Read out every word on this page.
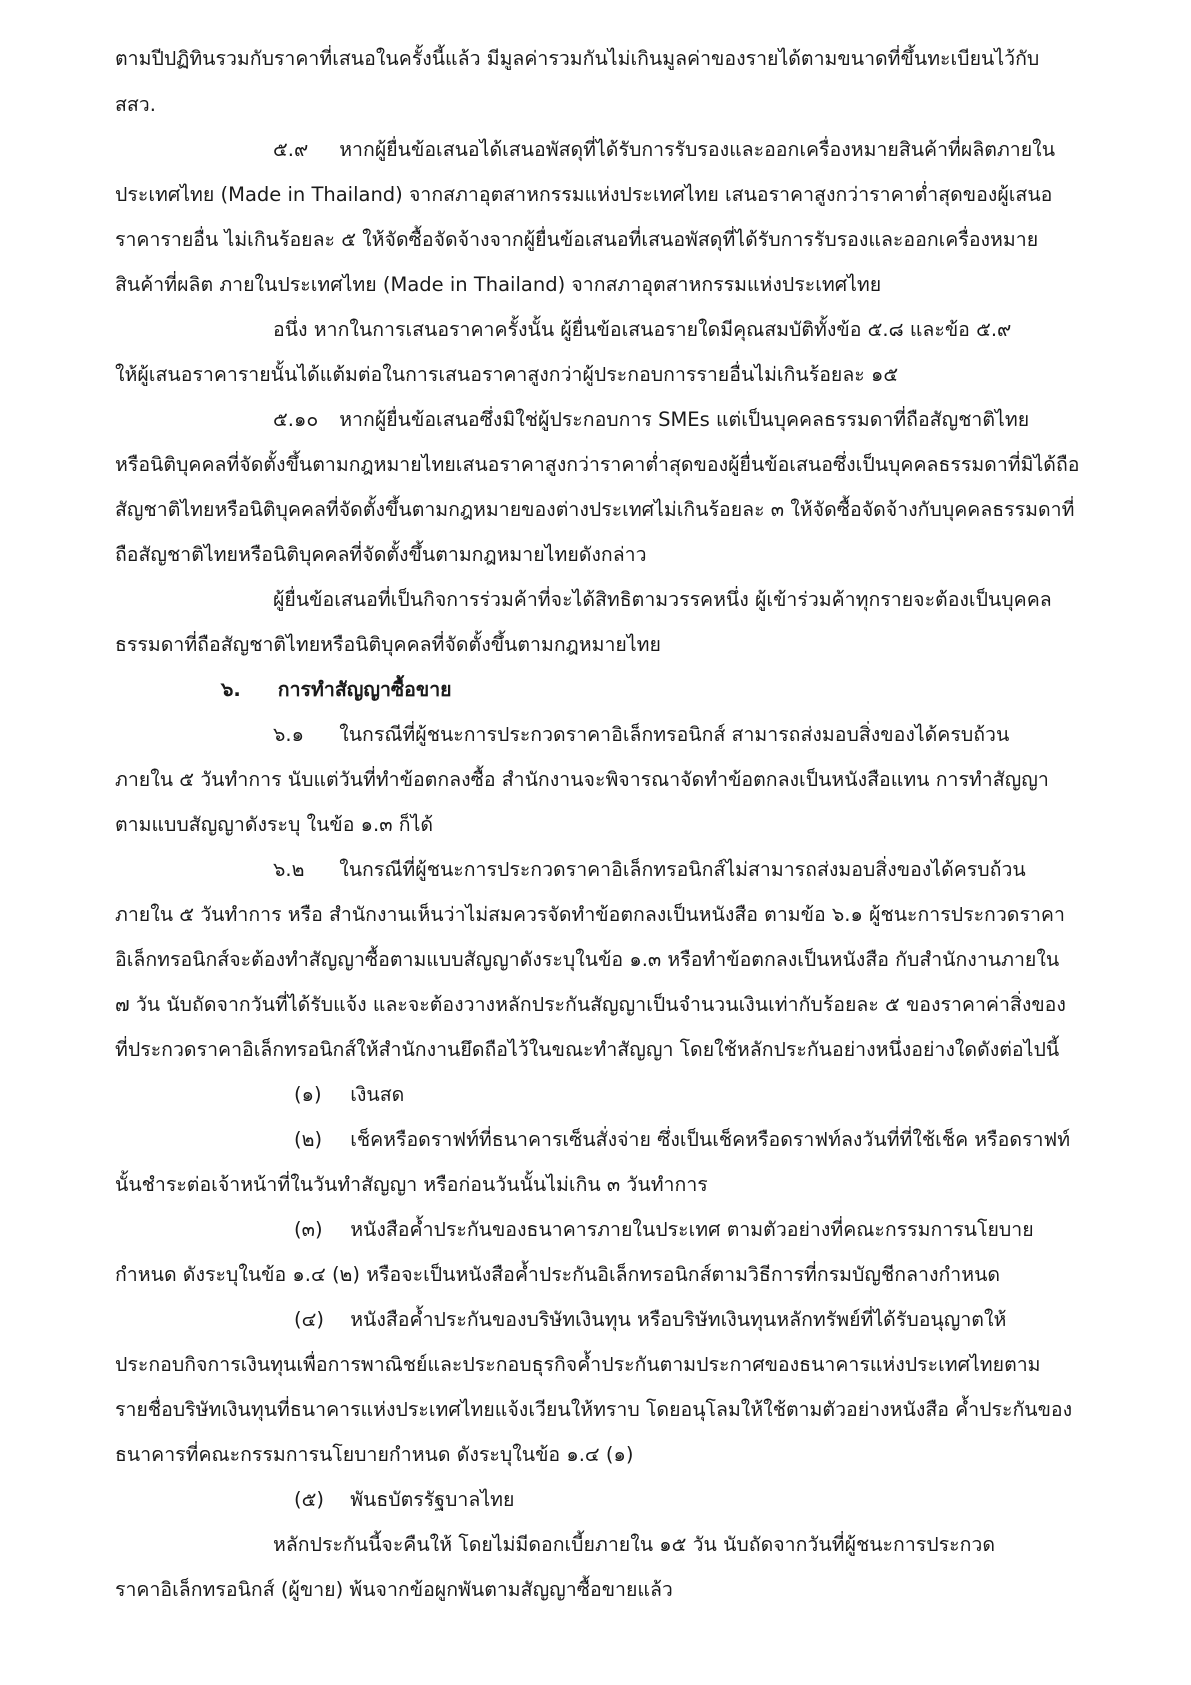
ตามปีปฏิทินรวมกับราคาที่เสนอในครั้งนี้แล้ว มีมูลค่ารวมกันไม่เกินมูลค่าของรายได้ตามขนาดที่ขึ้นทะเบียนไว้กับ
สสว.
๕.๙ หากผู้ยื่นข้อเสนอได้เสนอพัสดุที่ได้รับการรับรองและออกเครื่องหมายสินค้าที่ผลิตภายใน
ประเทศไทย (Made in Thailand) จากสภาอุตสาหกรรมแห่งประเทศไทย เสนอราคาสูงกว่าราคาต่ำสุดของผู้เสนอ
ราคารายอื่น ไม่เกินร้อยละ ๕ ให้จัดซื้อจัดจ้างจากผู้ยื่นข้อเสนอที่เสนอพัสดุที่ได้รับการรับรองและออกเครื่องหมาย
สินค้าที่ผลิต ภายในประเทศไทย (Made in Thailand) จากสภาอุตสาหกรรมแห่งประเทศไทย
อนึ่ง หากในการเสนอราคาครั้งนั้น ผู้ยื่นข้อเสนอรายใดมีคุณสมบัติทั้งข้อ ๕.๘ และข้อ ๕.๙
ให้ผู้เสนอราคารายนั้นได้แต้มต่อในการเสนอราคาสูงกว่าผู้ประกอบการรายอื่นไม่เกินร้อยละ ๑๕
๕.๑๐ หากผู้ยื่นข้อเสนอซึ่งมิใช่ผู้ประกอบการ SMEs แต่เป็นบุคคลธรรมดาที่ถือสัญชาติไทย
หรือนิติบุคคลที่จัดตั้งขึ้นตามกฎหมายไทยเสนอราคาสูงกว่าราคาต่ำสุดของผู้ยื่นข้อเสนอซึ่งเป็นบุคคลธรรมดาที่มิได้ถือ
สัญชาติไทยหรือนิติบุคคลที่จัดตั้งขึ้นตามกฎหมายของต่างประเทศไม่เกินร้อยละ ๓ ให้จัดซื้อจัดจ้างกับบุคคลธรรมดาที่
ถือสัญชาติไทยหรือนิติบุคคลที่จัดตั้งขึ้นตามกฎหมายไทยดังกล่าว
ผู้ยื่นข้อเสนอที่เป็นกิจการร่วมค้าที่จะได้สิทธิตามวรรคหนึ่ง ผู้เข้าร่วมค้าทุกรายจะต้องเป็นบุคคล
ธรรมดาที่ถือสัญชาติไทยหรือนิติบุคคลที่จัดตั้งขึ้นตามกฎหมายไทย
๖. การทำสัญญาซื้อขาย
๖.๑ ในกรณีที่ผู้ชนะการประกวดราคาอิเล็กทรอนิกส์ สามารถส่งมอบสิ่งของได้ครบถ้วน
ภายใน ๕ วันทำการ นับแต่วันที่ทำข้อตกลงซื้อ สำนักงานจะพิจารณาจัดทำข้อตกลงเป็นหนังสือแทน การทำสัญญา
ตามแบบสัญญาดังระบุ ในข้อ ๑.๓ ก็ได้
๖.๒ ในกรณีที่ผู้ชนะการประกวดราคาอิเล็กทรอนิกส์ไม่สามารถส่งมอบสิ่งของได้ครบถ้วน
ภายใน ๕ วันทำการ หรือ สำนักงานเห็นว่าไม่สมควรจัดทำข้อตกลงเป็นหนังสือ ตามข้อ ๖.๑ ผู้ชนะการประกวดราคา
อิเล็กทรอนิกส์จะต้องทำสัญญาซื้อตามแบบสัญญาดังระบุในข้อ ๑.๓ หรือทำข้อตกลงเป็นหนังสือ กับสำนักงานภายใน
๗ วัน นับถัดจากวันที่ได้รับแจ้ง และจะต้องวางหลักประกันสัญญาเป็นจำนวนเงินเท่ากับร้อยละ ๕ ของราคาค่าสิ่งของ
ที่ประกวดราคาอิเล็กทรอนิกส์ให้สำนักงานยึดถือไว้ในขณะทำสัญญา โดยใช้หลักประกันอย่างหนึ่งอย่างใดดังต่อไปนี้
(๑) เงินสด
(๒) เช็คหรือดราฟท์ที่ธนาคารเซ็นสั่งจ่าย ซึ่งเป็นเช็คหรือดราฟท์ลงวันที่ที่ใช้เช็ค หรือดราฟท์
นั้นชำระต่อเจ้าหน้าที่ในวันทำสัญญา หรือก่อนวันนั้นไม่เกิน ๓ วันทำการ
(๓) หนังสือค้ำประกันของธนาคารภายในประเทศ ตามตัวอย่างที่คณะกรรมการนโยบาย
กำหนด ดังระบุในข้อ ๑.๔ (๒) หรือจะเป็นหนังสือค้ำประกันอิเล็กทรอนิกส์ตามวิธีการที่กรมบัญชีกลางกำหนด
(๔) หนังสือค้ำประกันของบริษัทเงินทุน หรือบริษัทเงินทุนหลักทรัพย์ที่ได้รับอนุญาตให้
ประกอบกิจการเงินทุนเพื่อการพาณิชย์และประกอบธุรกิจค้ำประกันตามประกาศของธนาคารแห่งประเทศไทยตาม
รายชื่อบริษัทเงินทุนที่ธนาคารแห่งประเทศไทยแจ้งเวียนให้ทราบ โดยอนุโลมให้ใช้ตามตัวอย่างหนังสือ ค้ำประกันของ
ธนาคารที่คณะกรรมการนโยบายกำหนด ดังระบุในข้อ ๑.๔ (๑)
(๕) พันธบัตรรัฐบาลไทย
หลักประกันนี้จะคืนให้ โดยไม่มีดอกเบี้ยภายใน ๑๕ วัน นับถัดจากวันที่ผู้ชนะการประกวด
ราคาอิเล็กทรอนิกส์ (ผู้ขาย) พ้นจากข้อผูกพันตามสัญญาซื้อขายแล้ว
